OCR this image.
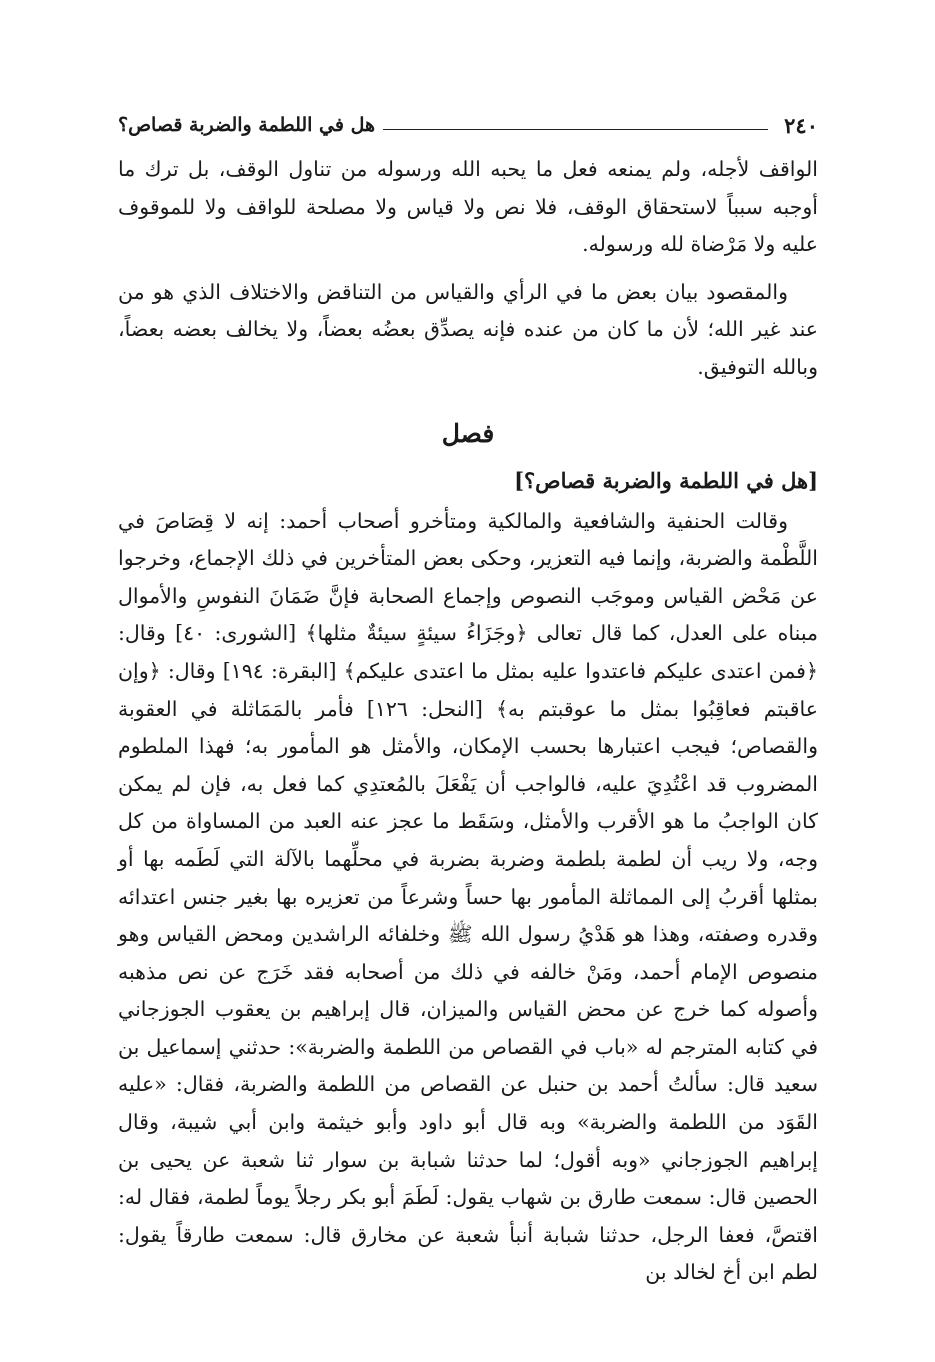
٢٤٠
هل في اللطمة والضربة قصاص؟

الواقف لأجله، ولم يمنعه فعل ما يحبه الله ورسوله من تناول الوقف، بل ترك ما أوجبه سبباً لاستحقاق الوقف، فلا نص ولا قياس ولا مصلحة للواقف ولا للموقوف عليه ولا مَرْضاة لله ورسوله.

والمقصود بيان بعض ما في الرأي والقياس من التناقض والاختلاف الذي هو من عند غير الله؛ لأن ما كان من عنده فإنه يصدِّق بعضُه بعضاً، ولا يخالف بعضه بعضاً، وبالله التوفيق.

فصل
[هل في اللطمة والضربة قصاص؟]

وقالت الحنفية والشافعية والمالكية ومتأخرو أصحاب أحمد: إنه لا قِصَاصَ في اللَّطْمة والضربة، وإنما فيه التعزير، وحكى بعض المتأخرين في ذلك الإجماع، وخرجوا عن مَحْض القياس وموجَب النصوص وإجماع الصحابة فإنَّ ضَمَانَ النفوسِ والأموال مبناه على العدل، كما قال تعالى ﴿وجَزَاءُ سيئةٍ سيئةٌ مثلها﴾ [الشورى: ٤٠] وقال: ﴿فمن اعتدى عليكم فاعتدوا عليه بمثل ما اعتدى عليكم﴾ [البقرة: ١٩٤] وقال: ﴿وإن عاقبتم فعاقِبُوا بمثل ما عوقبتم به﴾ [النحل: ١٢٦] فأمر بالمَمَاثلة في العقوبة والقصاص؛ فيجب اعتبارها بحسب الإمكان، والأمثل هو المأمور به؛ فهذا الملطوم المضروب قد اعْتُدِيَ عليه، فالواجب أن يَفْعَلَ بالمُعتدِي كما فعل به، فإن لم يمكن كان الواجبُ ما هو الأقرب والأمثل، وسَقَط ما عجز عنه العبد من المساواة من كل وجه، ولا ريب أن لطمة بلطمة وضربة بضربة في محلِّهما بالآلة التي لَطَمه بها أو بمثلها أقربُ إلى المماثلة المأمور بها حساً وشرعاً من تعزيره بها بغير جنس اعتدائه وقدره وصفته، وهذا هو هَدْيُ رسول الله ﷺ وخلفائه الراشدين ومحض القياس وهو منصوص الإمام أحمد، ومَنْ خالفه في ذلك من أصحابه فقد خَرَج عن نص مذهبه وأصوله كما خرج عن محض القياس والميزان، قال إبراهيم بن يعقوب الجوزجاني في كتابه المترجم له «باب في القصاص من اللطمة والضربة»: حدثني إسماعيل بن سعيد قال: سألتُ أحمد بن حنبل عن القصاص من اللطمة والضربة، فقال: «عليه القَوَد من اللطمة والضربة» وبه قال أبو داود وأبو خيثمة وابن أبي شيبة، وقال إبراهيم الجوزجاني «وبه أقول؛ لما حدثنا شبابة بن سوار ثنا شعبة عن يحيى بن الحصين قال: سمعت طارق بن شهاب يقول: لَطَمَ أبو بكر رجلاً يوماً لطمة، فقال له: اقتصَّ، فعفا الرجل، حدثنا شبابة أنبأ شعبة عن مخارق قال: سمعت طارقاً يقول: لطم ابن أخ لخالد بن
